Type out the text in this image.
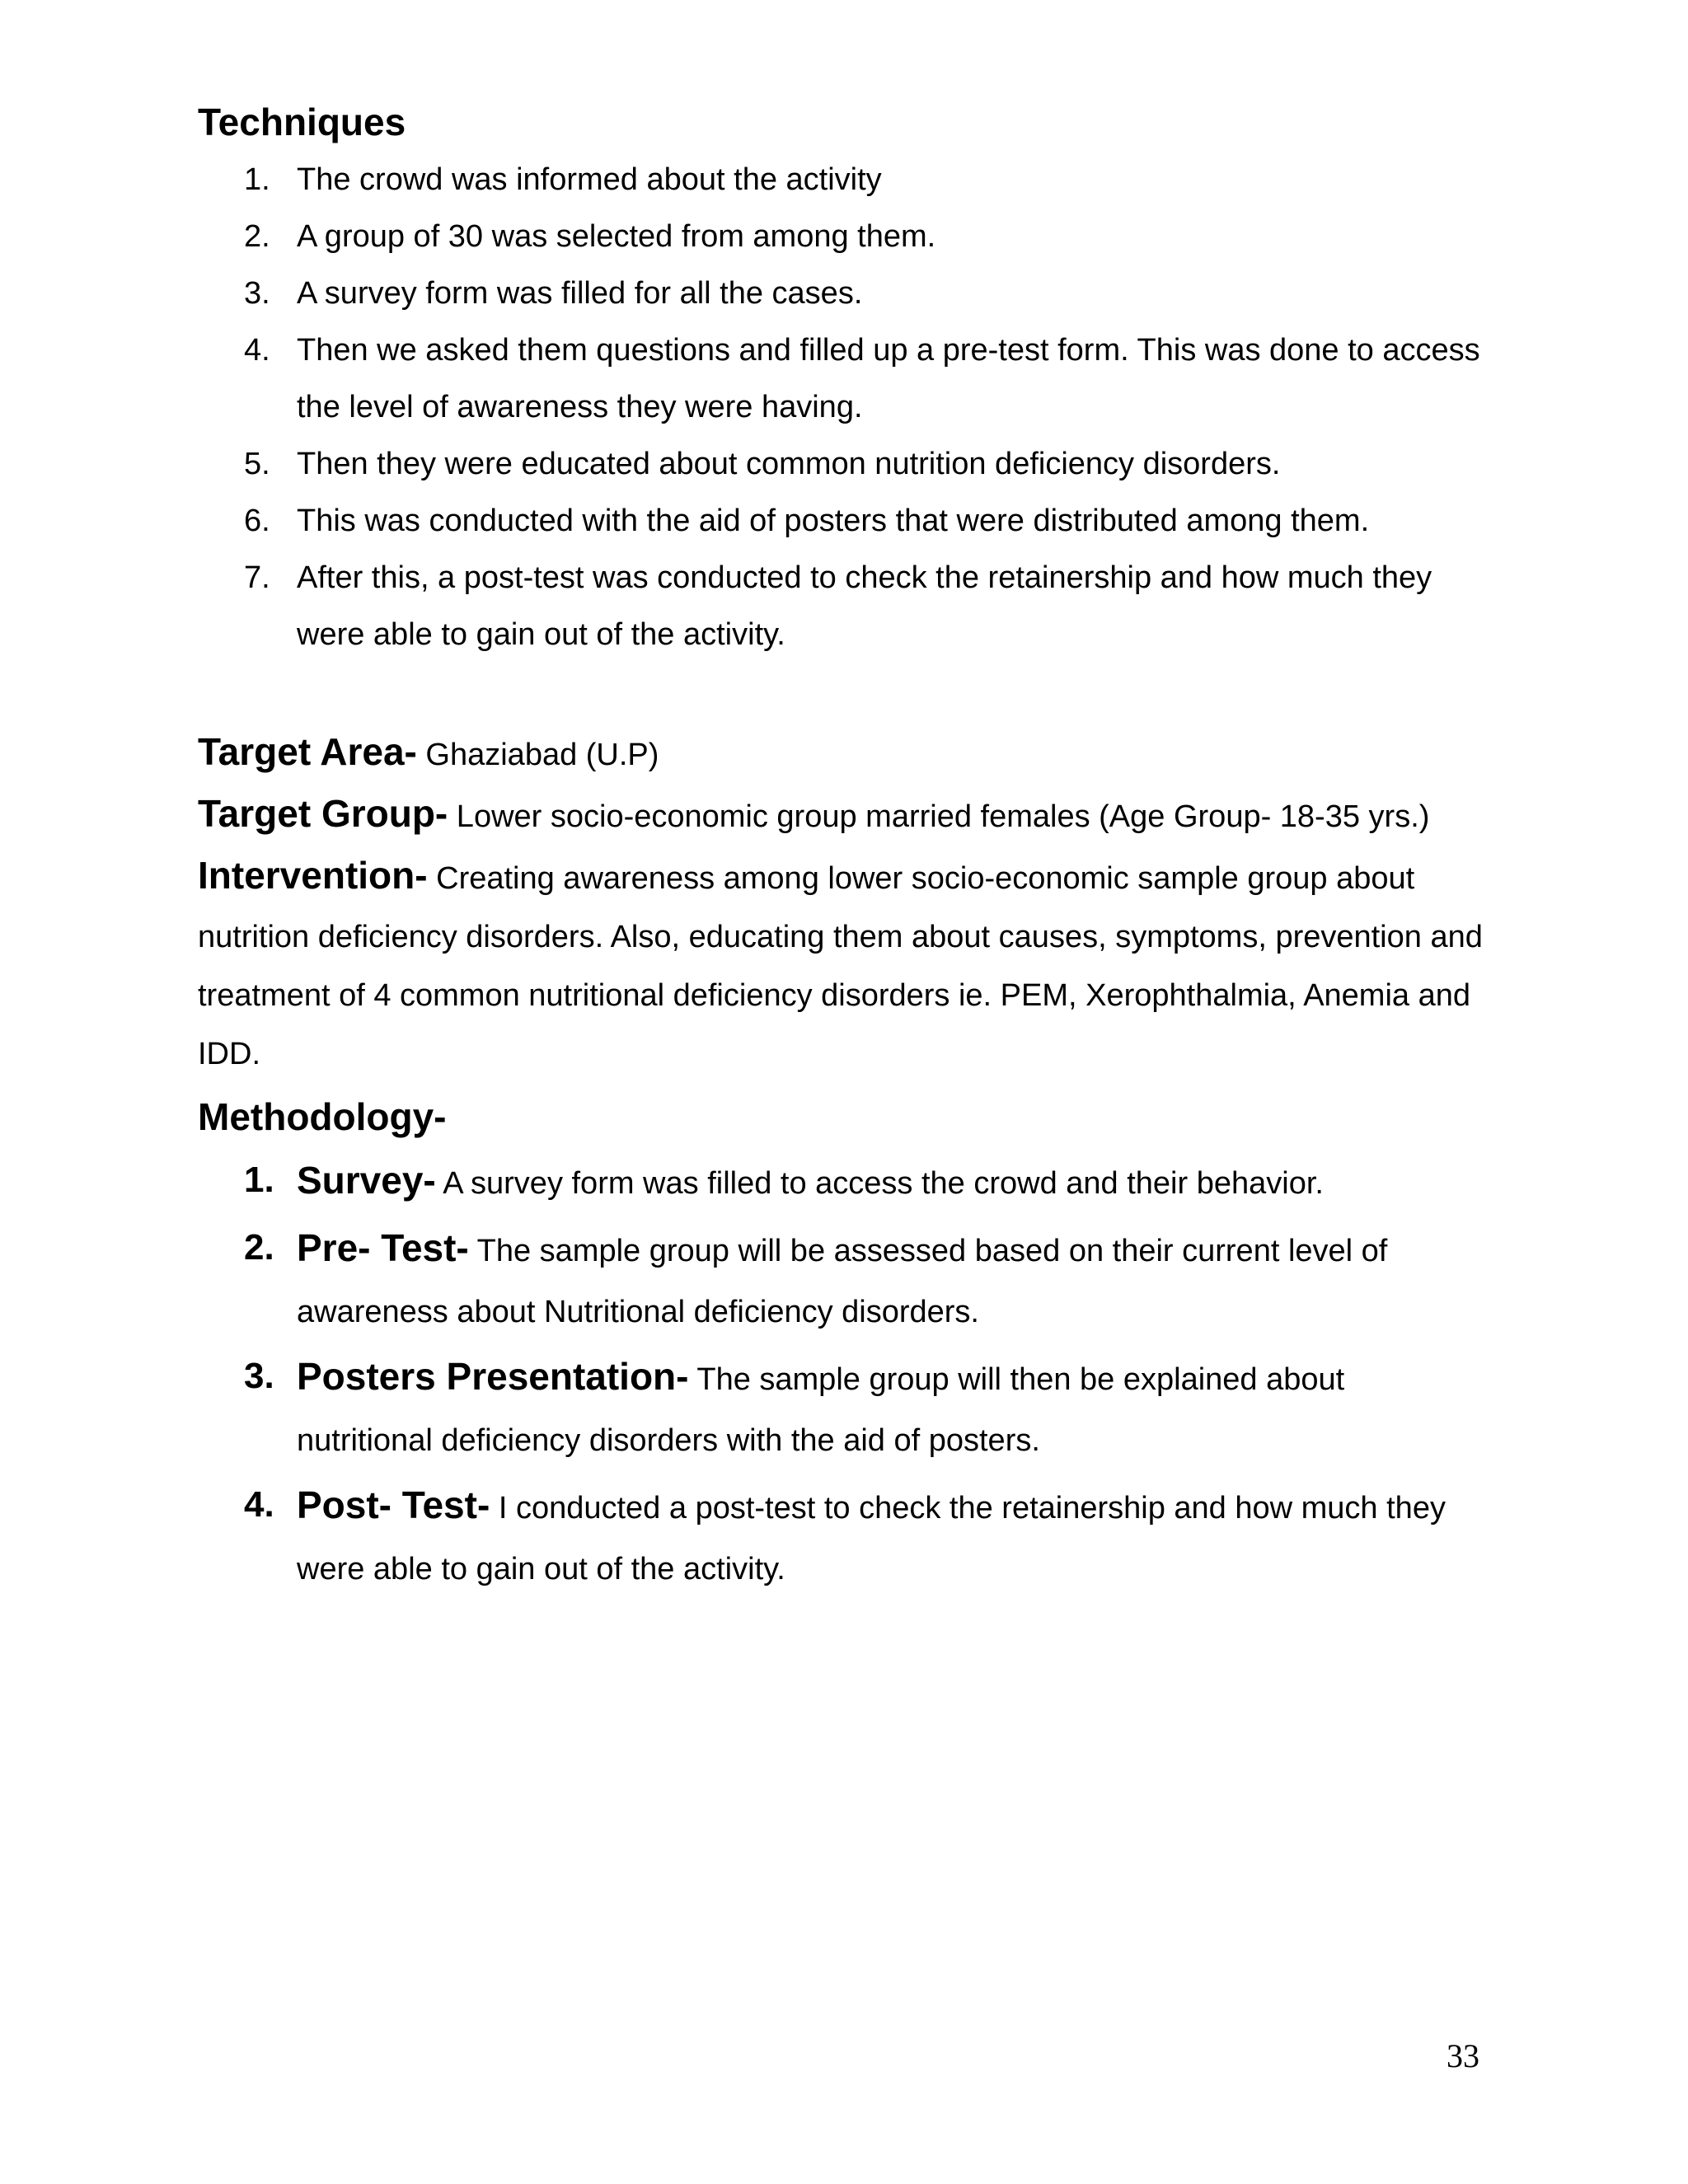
Techniques
1. The crowd was informed about the activity
2. A group of 30 was selected from among them.
3. A survey form was filled for all the cases.
4. Then we asked them questions and filled up a pre-test form. This was done to access the level of awareness they were having.
5. Then they were educated about common nutrition deficiency disorders.
6. This was conducted with the aid of posters that were distributed among them.
7. After this, a post-test was conducted to check the retainership and how much they were able to gain out of the activity.

Target Area- Ghaziabad (U.P)

Target Group- Lower socio-economic group married females (Age Group- 18-35 yrs.)

Intervention- Creating awareness among lower socio-economic sample group about nutrition deficiency disorders. Also, educating them about causes, symptoms, prevention and treatment of 4 common nutritional deficiency disorders ie. PEM, Xerophthalmia, Anemia and IDD.

Methodology-
1. Survey- A survey form was filled to access the crowd and their behavior.
2. Pre- Test- The sample group will be assessed based on their current level of awareness about Nutritional deficiency disorders.
3. Posters Presentation- The sample group will then be explained about nutritional deficiency disorders with the aid of posters.
4. Post- Test- I conducted a post-test to check the retainership and how much they were able to gain out of the activity.
33
